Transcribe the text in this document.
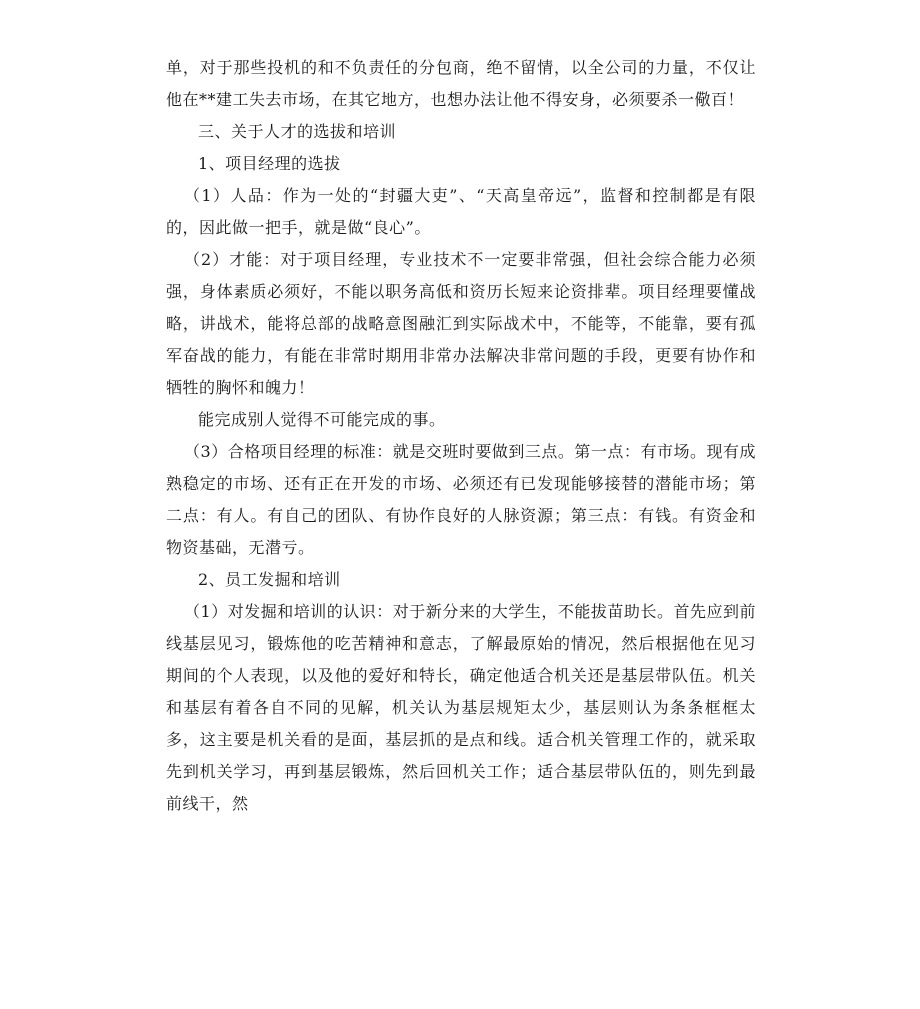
单，对于那些投机的和不负责任的分包商，绝不留情，以全公司的力量，不仅让他在**建工失去市场，在其它地方，也想办法让他不得安身，必须要杀一儆百！

三、关于人才的选拔和培训

1、项目经理的选拔

（1）人品：作为一处的“封疆大吏”、“天高皇帝远”，监督和控制都是有限的，因此做一把手，就是做“良心”。

（2）才能：对于项目经理，专业技术不一定要非常强，但社会综合能力必须强，身体素质必须好，不能以职务高低和资历长短来论资排辈。项目经理要懂战略，讲战术，能将总部的战略意图融汇到实际战术中，不能等，不能靠，要有孤军奋战的能力，有能在非常时期用非常办法解决非常问题的手段，更要有协作和牺牲的胸怀和魄力！

能完成别人觉得不可能完成的事。

（3）合格项目经理的标准：就是交班时要做到三点。第一点：有市场。现有成熟稳定的市场、还有正在开发的市场、必须还有已发现能够接替的潜能市场；第二点：有人。有自己的团队、有协作良好的人脉资源；第三点：有钱。有资金和物资基础，无潜亏。

2、员工发掘和培训

（1）对发掘和培训的认识：对于新分来的大学生，不能拔苗助长。首先应到前线基层见习，锻炼他的吃苦精神和意志，了解最原始的情况，然后根据他在见习期间的个人表现，以及他的爱好和特长，确定他适合机关还是基层带队伍。机关和基层有着各自不同的见解，机关认为基层规矩太少，基层则认为条条框框太多，这主要是机关看的是面，基层抓的是点和线。适合机关管理工作的，就采取先到机关学习，再到基层锻炼，然后回机关工作；适合基层带队伍的，则先到最前线干，然
